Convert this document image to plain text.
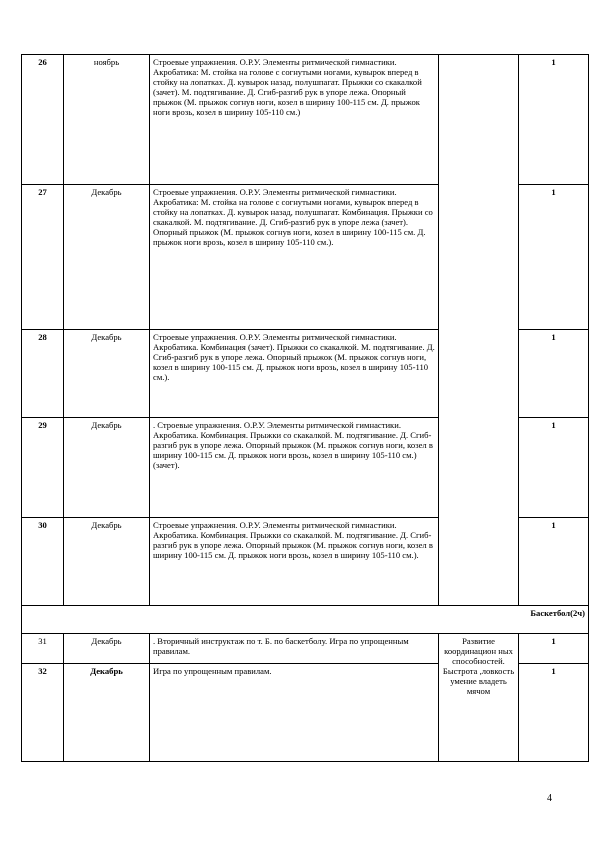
26	ноябрь	Строевые упражнения. О.Р.У. Элементы ритмической гимнастики. Акробатика: М. стойка на голове с согнутыми ногами, кувырок вперед в стойку на лопатках. Д. кувырок назад, полушпагат. Прыжки со скакалкой (зачет). М. подтягивание. Д. Сгиб-разгиб рук в упоре лежа. Опорный прыжок (М. прыжок согнув ноги, козел в ширину 100-115 см. Д. прыжок ноги врозь, козел в ширину 105-110 см.)		1
27	Декабрь	Строевые упражнения. О.Р.У. Элементы ритмической гимнастики. Акробатика: М. стойка на голове с согнутыми ногами, кувырок вперед в стойку на лопатках. Д. кувырок назад, полушпагат. Комбинация. Прыжки со скакалкой. М. подтягивание. Д. Сгиб-разгиб рук в упоре лежа (зачет). Опорный прыжок (М. прыжок согнув ноги, козел в ширину 100-115 см. Д. прыжок ноги врозь, козел в ширину 105-110 см.).		1
28	Декабрь	Строевые упражнения. О.Р.У. Элементы ритмической гимнастики. Акробатика. Комбинация (зачет). Прыжки со скакалкой. М. подтягивание. Д. Сгиб-разгиб рук в упоре лежа. Опорный прыжок (М. прыжок согнув ноги, козел в ширину 100-115 см. Д. прыжок ноги врозь, козел в ширину 105-110 см.).		1
29	Декабрь	. Строевые упражнения. О.Р.У. Элементы ритмической гимнастики. Акробатика. Комбинация. Прыжки со скакалкой. М. подтягивание. Д. Сгиб-разгиб рук в упоре лежа. Опорный прыжок (М. прыжок согнув ноги, козел в ширину 100-115 см. Д. прыжок ноги врозь, козел в ширину 105-110 см.) (зачет).		1
30	Декабрь	Строевые упражнения. О.Р.У. Элементы ритмической гимнастики. Акробатика. Комбинация. Прыжки со скакалкой. М. подтягивание. Д. Сгиб-разгиб рук в упоре лежа. Опорный прыжок (М. прыжок согнув ноги, козел в ширину 100-115 см. Д. прыжок ноги врозь, козел в ширину 105-110 см.).		1
Баскетбол(2ч)				
31	Декабрь	. Вторичный инструктаж по т. Б. по баскетболу. Игра по упрощенным правилам.	Развитие координацион ных способностей. Быстрота ,ловкость умение владеть мячом	1
32	Декабрь	Игра по упрощенным правилам.		1
4
